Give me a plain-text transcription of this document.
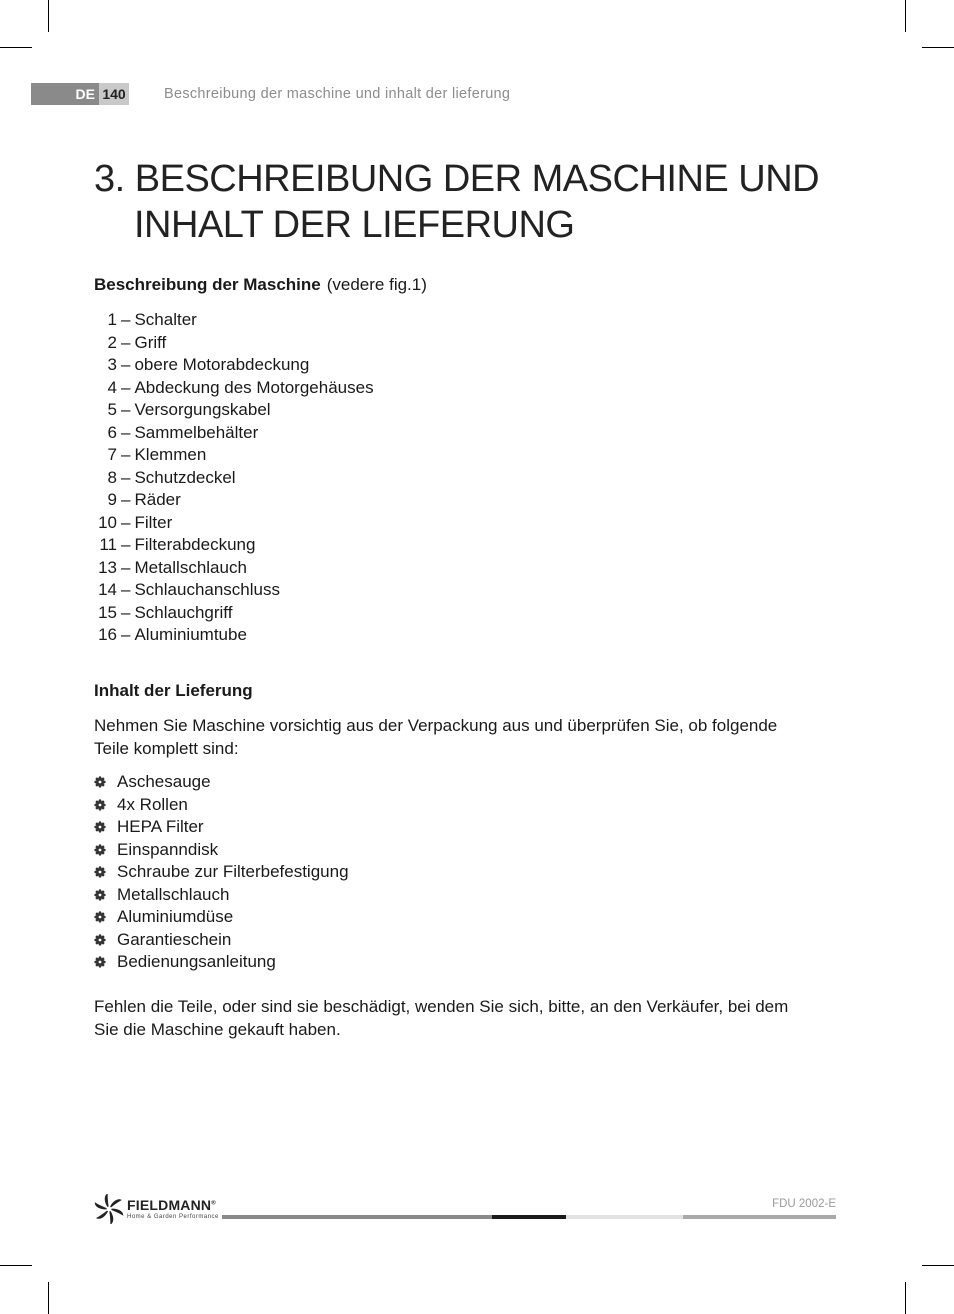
DE 140	Beschreibung der maschine und inhalt der lieferung
3. BESCHREIBUNG DER MASCHINE UND
INHALT DER LIEFERUNG
Beschreibung der Maschine (vedere fig.1)
1 – Schalter
2 – Griff
3 – obere Motorabdeckung
4 – Abdeckung des Motorgehäuses
5 – Versorgungskabel
6 – Sammelbehälter
7 – Klemmen
8 – Schutzdeckel
9 – Räder
10 – Filter
11 – Filterabdeckung
13 – Metallschlauch
14 – Schlauchanschluss
15 – Schlauchgriff
16 – Aluminiumtube
Inhalt der Lieferung

Nehmen Sie Maschine vorsichtig aus der Verpackung aus und überprüfen Sie, ob folgende Teile komplett sind:

Aschesauge
4x Rollen
HEPA Filter
Einspanndisk
Schraube zur Filterbefestigung
Metallschlauch
Aluminiumdüse
Garantieschein
Bedienungsanleitung

Fehlen die Teile, oder sind sie beschädigt, wenden Sie sich, bitte, an den Verkäufer, bei dem Sie die Maschine gekauft haben.

FIELDMANN®
Home & Garden Performance
FDU 2002-E
